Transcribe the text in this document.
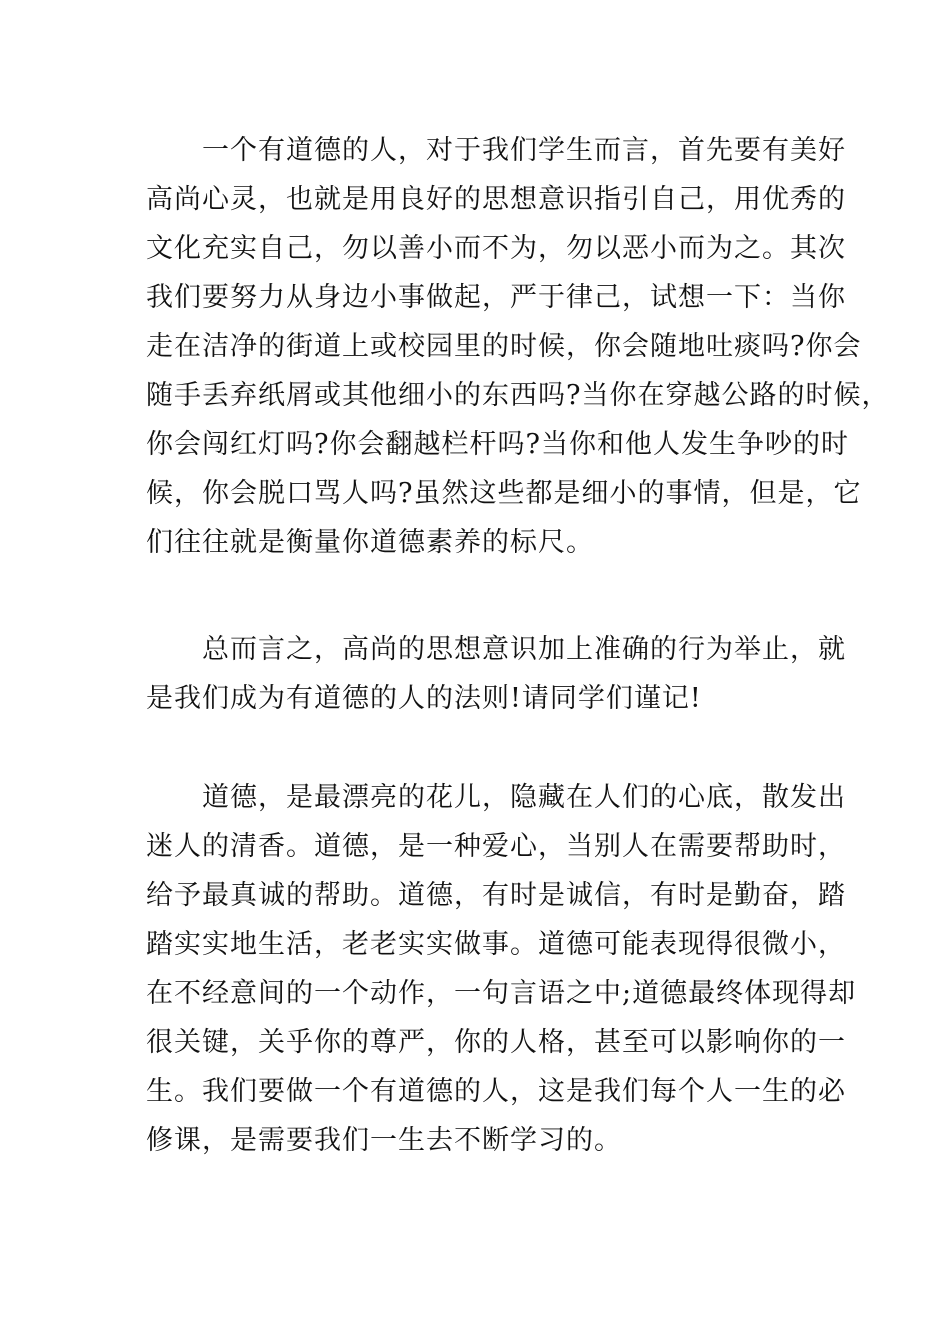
　　一个有道德的人，对于我们学生而言，首先要有美好
高尚心灵，也就是用良好的思想意识指引自己，用优秀的
文化充实自己，勿以善小而不为，勿以恶小而为之。其次
我们要努力从身边小事做起，严于律己，试想一下：当你
走在洁净的街道上或校园里的时候，你会随地吐痰吗?你会
随手丢弃纸屑或其他细小的东西吗?当你在穿越公路的时候，
你会闯红灯吗?你会翻越栏杆吗?当你和他人发生争吵的时
候，你会脱口骂人吗?虽然这些都是细小的事情，但是，它
们往往就是衡量你道德素养的标尺。
　　总而言之，高尚的思想意识加上准确的行为举止，就
是我们成为有道德的人的法则!请同学们谨记!
　　道德，是最漂亮的花儿，隐藏在人们的心底，散发出
迷人的清香。道德，是一种爱心，当别人在需要帮助时，
给予最真诚的帮助。道德，有时是诚信，有时是勤奋，踏
踏实实地生活，老老实实做事。道德可能表现得很微小，
在不经意间的一个动作，一句言语之中;道德最终体现得却
很关键，关乎你的尊严，你的人格，甚至可以影响你的一
生。我们要做一个有道德的人，这是我们每个人一生的必
修课，是需要我们一生去不断学习的。
